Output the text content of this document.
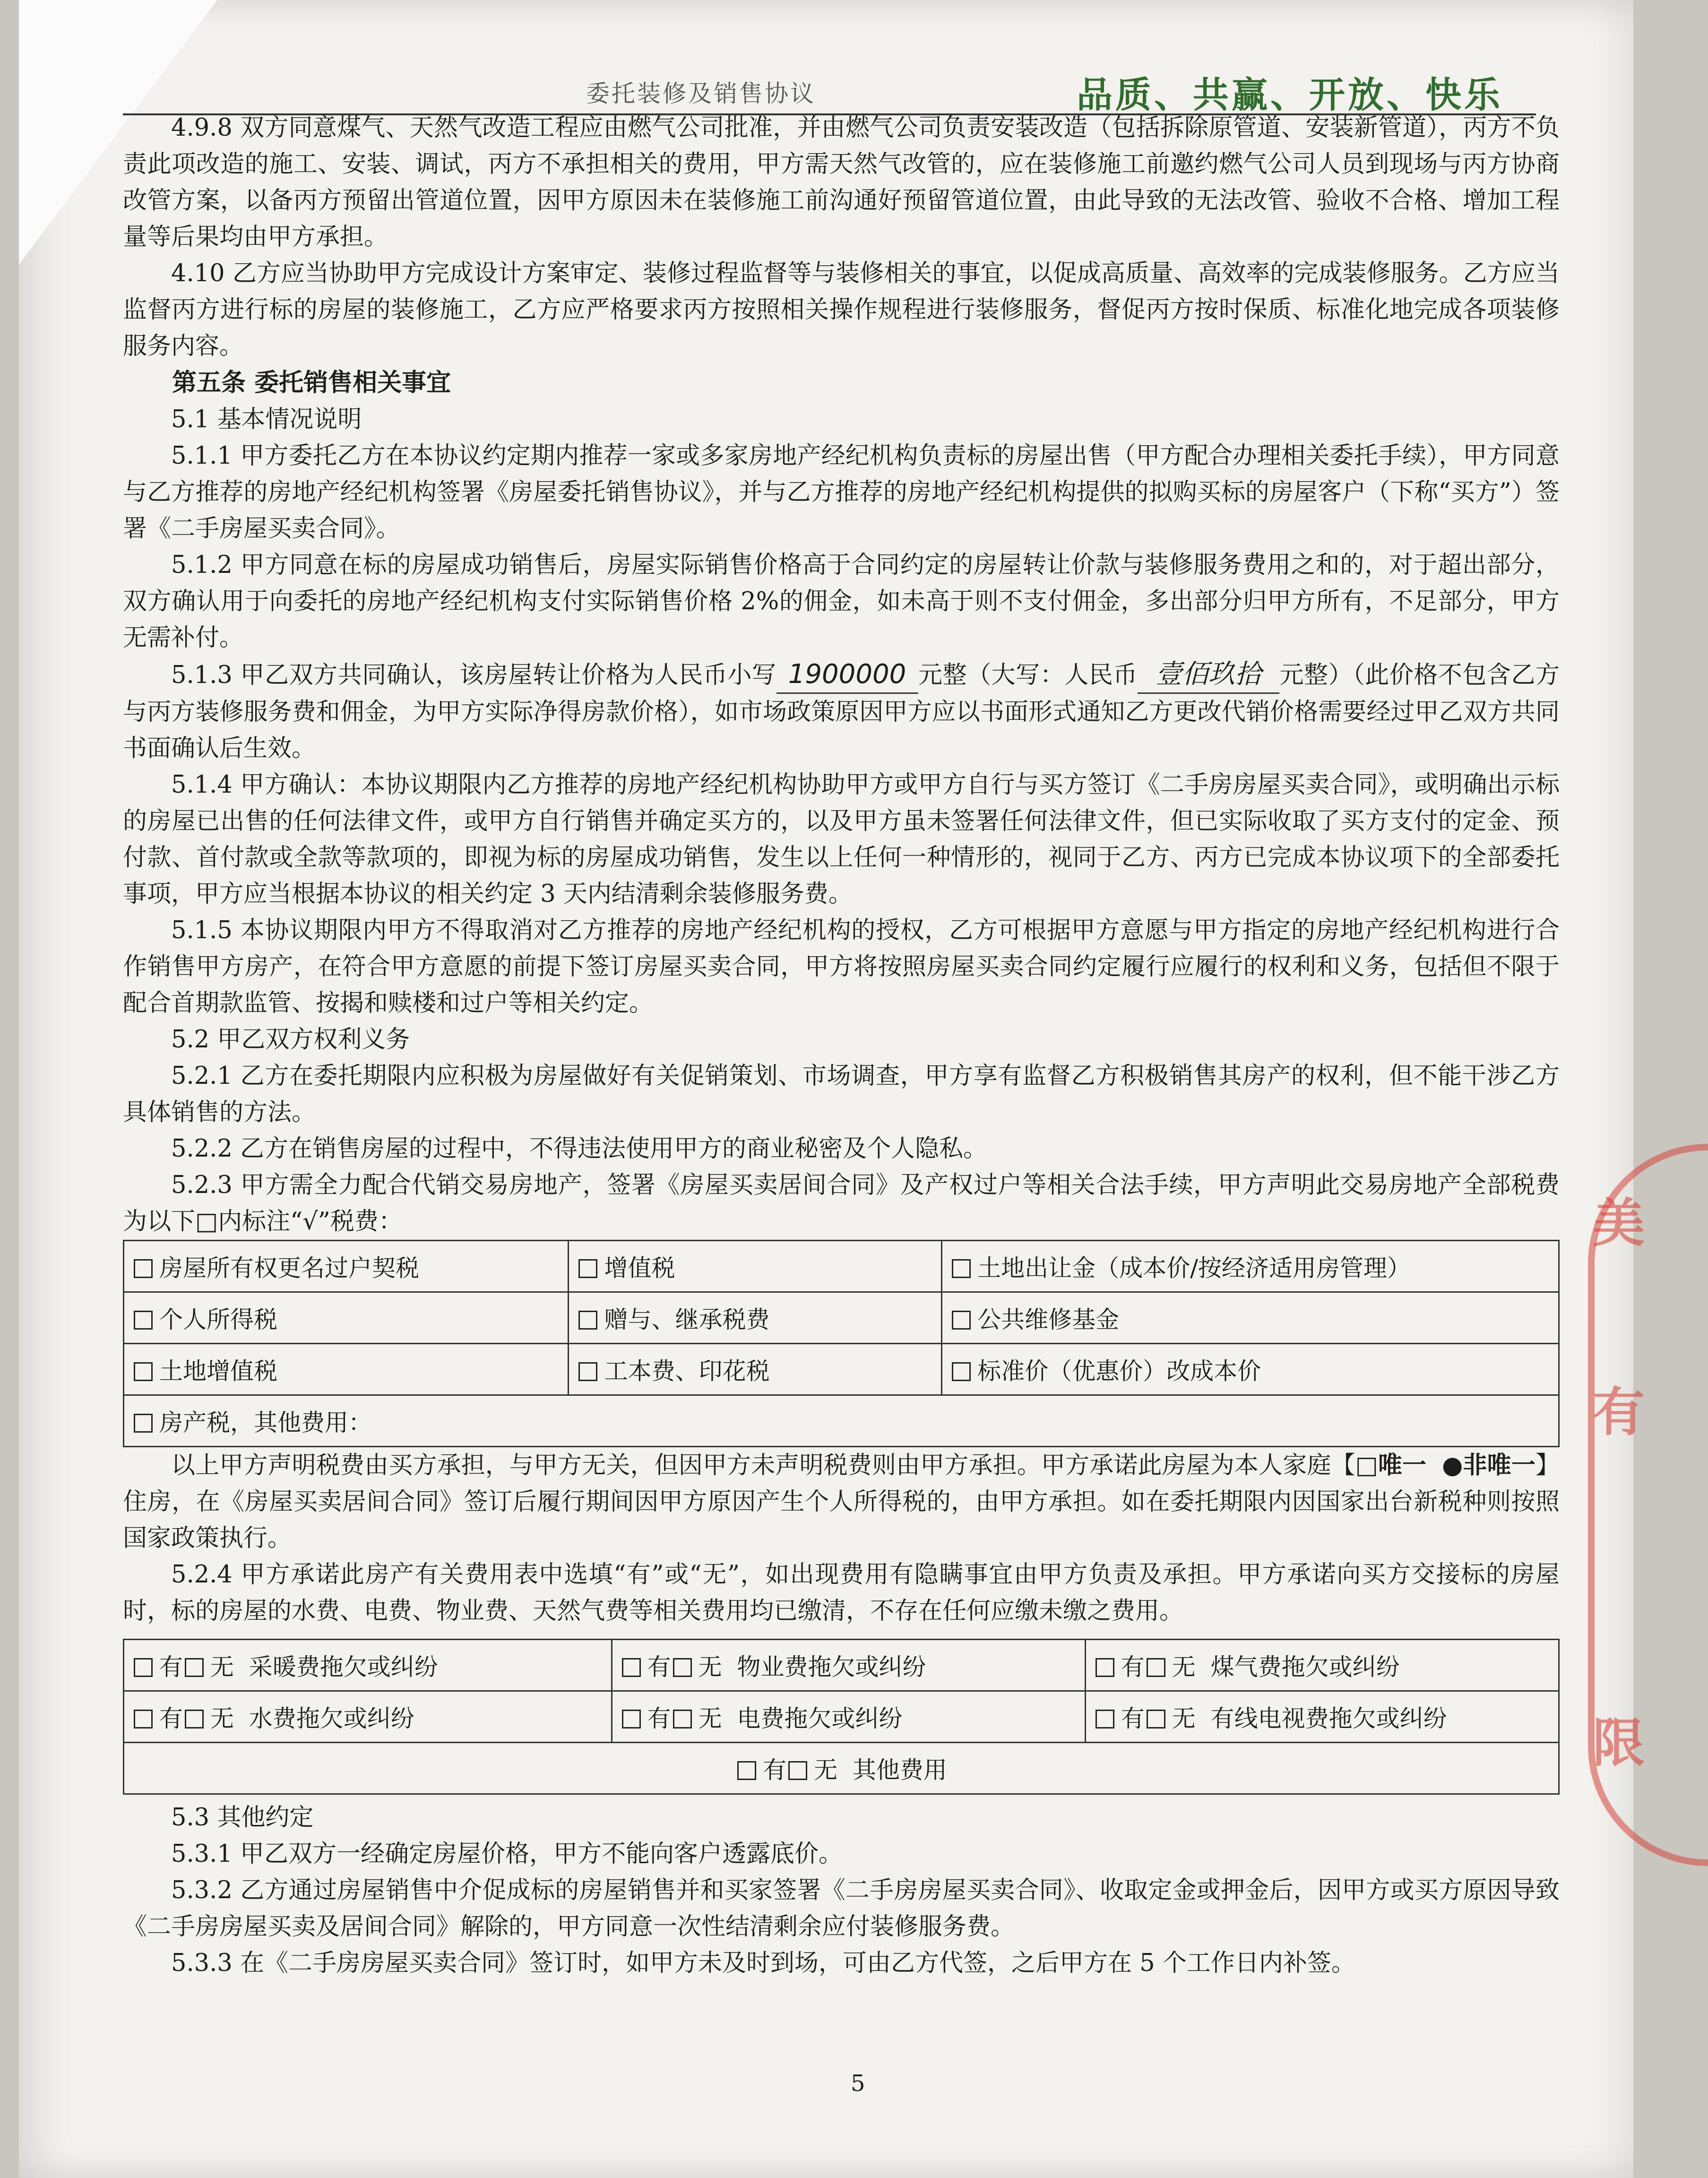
委托装修及销售协议	品质、共赢、开放、快乐

4.9.8 双方同意煤气、天然气改造工程应由燃气公司批准，并由燃气公司负责安装改造（包括拆除原管道、安装新管道），丙方不负责此项改造的施工、安装、调试，丙方不承担相关的费用，甲方需天然气改管的，应在装修施工前邀约燃气公司人员到现场与丙方协商改管方案，以备丙方预留出管道位置，因甲方原因未在装修施工前沟通好预留管道位置，由此导致的无法改管、验收不合格、增加工程量等后果均由甲方承担。

4.10 乙方应当协助甲方完成设计方案审定、装修过程监督等与装修相关的事宜，以促成高质量、高效率的完成装修服务。乙方应当监督丙方进行标的房屋的装修施工，乙方应严格要求丙方按照相关操作规程进行装修服务，督促丙方按时保质、标准化地完成各项装修服务内容。

第五条 委托销售相关事宜

5.1 基本情况说明

5.1.1 甲方委托乙方在本协议约定期内推荐一家或多家房地产经纪机构负责标的房屋出售（甲方配合办理相关委托手续），甲方同意与乙方推荐的房地产经纪机构签署《房屋委托销售协议》，并与乙方推荐的房地产经纪机构提供的拟购买标的房屋客户（下称“买方”）签署《二手房屋买卖合同》。

5.1.2 甲方同意在标的房屋成功销售后，房屋实际销售价格高于合同约定的房屋转让价款与装修服务费用之和的，对于超出部分，双方确认用于向委托的房地产经纪机构支付实际销售价格 2%的佣金，如未高于则不支付佣金，多出部分归甲方所有，不足部分，甲方无需补付。

5.1.3 甲乙双方共同确认，该房屋转让价格为人民币小写 1900000 元整（大写：人民币 壹佰玖拾 元整）（此价格不包含乙方与丙方装修服务费和佣金，为甲方实际净得房款价格），如市场政策原因甲方应以书面形式通知乙方更改代销价格需要经过甲乙双方共同书面确认后生效。

5.1.4 甲方确认：本协议期限内乙方推荐的房地产经纪机构协助甲方或甲方自行与买方签订《二手房房屋买卖合同》，或明确出示标的房屋已出售的任何法律文件，或甲方自行销售并确定买方的，以及甲方虽未签署任何法律文件，但已实际收取了买方支付的定金、预付款、首付款或全款等款项的，即视为标的房屋成功销售，发生以上任何一种情形的，视同于乙方、丙方已完成本协议项下的全部委托事项，甲方应当根据本协议的相关约定 3 天内结清剩余装修服务费。

5.1.5 本协议期限内甲方不得取消对乙方推荐的房地产经纪机构的授权，乙方可根据甲方意愿与甲方指定的房地产经纪机构进行合作销售甲方房产，在符合甲方意愿的前提下签订房屋买卖合同，甲方将按照房屋买卖合同约定履行应履行的权利和义务，包括但不限于配合首期款监管、按揭和赎楼和过户等相关约定。

5.2 甲乙双方权利义务

5.2.1 乙方在委托期限内应积极为房屋做好有关促销策划、市场调查，甲方享有监督乙方积极销售其房产的权利，但不能干涉乙方具体销售的方法。

5.2.2 乙方在销售房屋的过程中，不得违法使用甲方的商业秘密及个人隐私。

5.2.3 甲方需全力配合代销交易房地产，签署《房屋买卖居间合同》及产权过户等相关合法手续，甲方声明此交易房地产全部税费为以下□内标注“√”税费：

房屋所有权更名过户契税	增值税	土地出让金（成本价/按经济适用房管理）
个人所得税	赠与、继承税费	公共维修基金
土地增值税	工本费、印花税	标准价（优惠价）改成本价
房产税，其他费用：		

以上甲方声明税费由买方承担，与甲方无关，但因甲方未声明税费则由甲方承担。甲方承诺此房屋为本人家庭【□唯一 ●非唯一】住房，在《房屋买卖居间合同》签订后履行期间因甲方原因产生个人所得税的，由甲方承担。如在委托期限内因国家出台新税种则按照国家政策执行。

5.2.4 甲方承诺此房产有关费用表中选填“有”或“无”，如出现费用有隐瞒事宜由甲方负责及承担。甲方承诺向买方交接标的房屋时，标的房屋的水费、电费、物业费、天然气费等相关费用均已缴清，不存在任何应缴未缴之费用。

有 无 采暖费拖欠或纠纷	有 无 物业费拖欠或纠纷	有 无 煤气费拖欠或纠纷
有 无 水费拖欠或纠纷	有 无 电费拖欠或纠纷	有 无 有线电视费拖欠或纠纷
有 无 其他费用		

5.3 其他约定

5.3.1 甲乙双方一经确定房屋价格，甲方不能向客户透露底价。

5.3.2 乙方通过房屋销售中介促成标的房屋销售并和买家签署《二手房房屋买卖合同》、收取定金或押金后，因甲方或买方原因导致《二手房房屋买卖及居间合同》解除的，甲方同意一次性结清剩余应付装修服务费。

5.3.3 在《二手房房屋买卖合同》签订时，如甲方未及时到场，可由乙方代签，之后甲方在 5 个工作日内补签。

美
有
限
5
